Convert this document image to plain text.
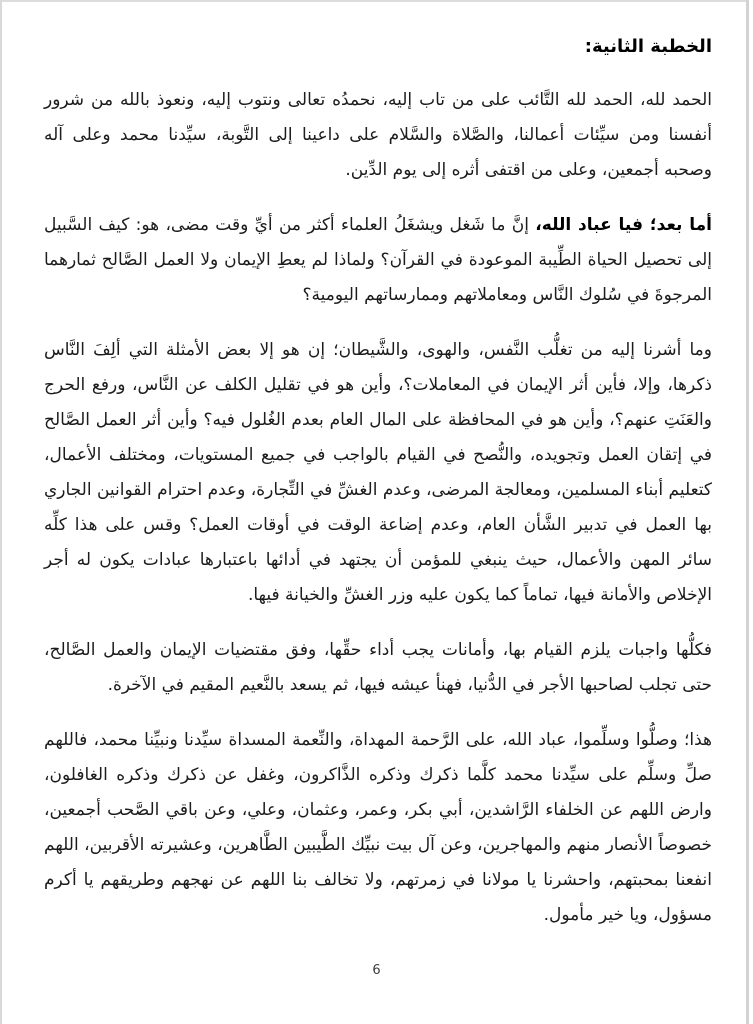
الخطبة الثانية:

الحمد لله، الحمد لله التَّائب على من تاب إليه، نحمدُه تعالى ونتوب إليه، ونعوذ بالله من شرور أنفسنا ومن سيِّئات أعمالنا، والصَّلاة والسَّلام على داعينا إلى التَّوبة، سيِّدنا محمد وعلى آله وصحبه أجمعين، وعلى من اقتفى أثره إلى يوم الدِّين.

أما بعد؛ فيا عباد الله، إنَّ ما شَغل ويشغَلُ العلماء أكثر من أيِّ وقت مضى، هو: كيف السَّبيل إلى تحصيل الحياة الطِّيبة الموعودة في القرآن؟ ولماذا لم يعطِ الإيمان ولا العمل الصَّالح ثمارهما المرجوةَ في سُلوك النَّاس ومعاملاتهم وممارساتهم اليومية؟

وما أشرنا إليه من تغلُّب النَّفس، والهوى، والشَّيطان؛ إن هو إلا بعض الأمثلة التي ألِفَ النَّاس ذكرها، وإلا، فأين أثر الإيمان في المعاملات؟، وأين هو في تقليل الكلف عن النَّاس، ورفع الحرج والعَنَتِ عنهم؟، وأين هو في المحافظة على المال العام بعدم الغُلول فيه؟ وأين أثر العمل الصَّالح في إتقان العمل وتجويده، والنُّصح في القيام بالواجب في جميع المستويات، ومختلف الأعمال، كتعليم أبناء المسلمين، ومعالجة المرضى، وعدم الغشِّ في التِّجارة، وعدم احترام القوانين الجاري بها العمل في تدبير الشَّأن العام، وعدم إضاعة الوقت في أوقات العمل؟ وقس على هذا كلِّه سائر المهن والأعمال، حيث ينبغي للمؤمن أن يجتهد في أدائها باعتبارها عبادات يكون له أجر الإخلاص والأمانة فيها، تماماً كما يكون عليه وزر الغشِّ والخيانة فيها.

فكلُّها واجبات يلزم القيام بها، وأمانات يجب أداء حقِّها، وفق مقتضيات الإيمان والعمل الصَّالح، حتى تجلب لصاحبها الأجر في الدُّنيا، فهنأ عيشه فيها، ثم يسعد بالنَّعيم المقيم في الآخرة.

هذا؛ وصلُّوا وسلِّموا، عباد الله، على الرَّحمة المهداة، والنِّعمة المسداة سيِّدنا ونبيِّنا محمد، فاللهم صلِّ وسلِّم على سيِّدنا محمد كلَّما ذكرك وذكره الذَّاكرون، وغفل عن ذكرك وذكره الغافلون، وارض اللهم عن الخلفاء الرَّاشدين، أبي بكر، وعمر، وعثمان، وعلي، وعن باقي الصَّحب أجمعين، خصوصاً الأنصار منهم والمهاجرين، وعن آل بيت نبيِّك الطَّيبين الطَّاهرين، وعشيرته الأقربين، اللهم انفعنا بمحبتهم، واحشرنا يا مولانا في زمرتهم، ولا تخالف بنا اللهم عن نهجهم وطريقهم يا أكرم مسؤول، ويا خير مأمول.

6
